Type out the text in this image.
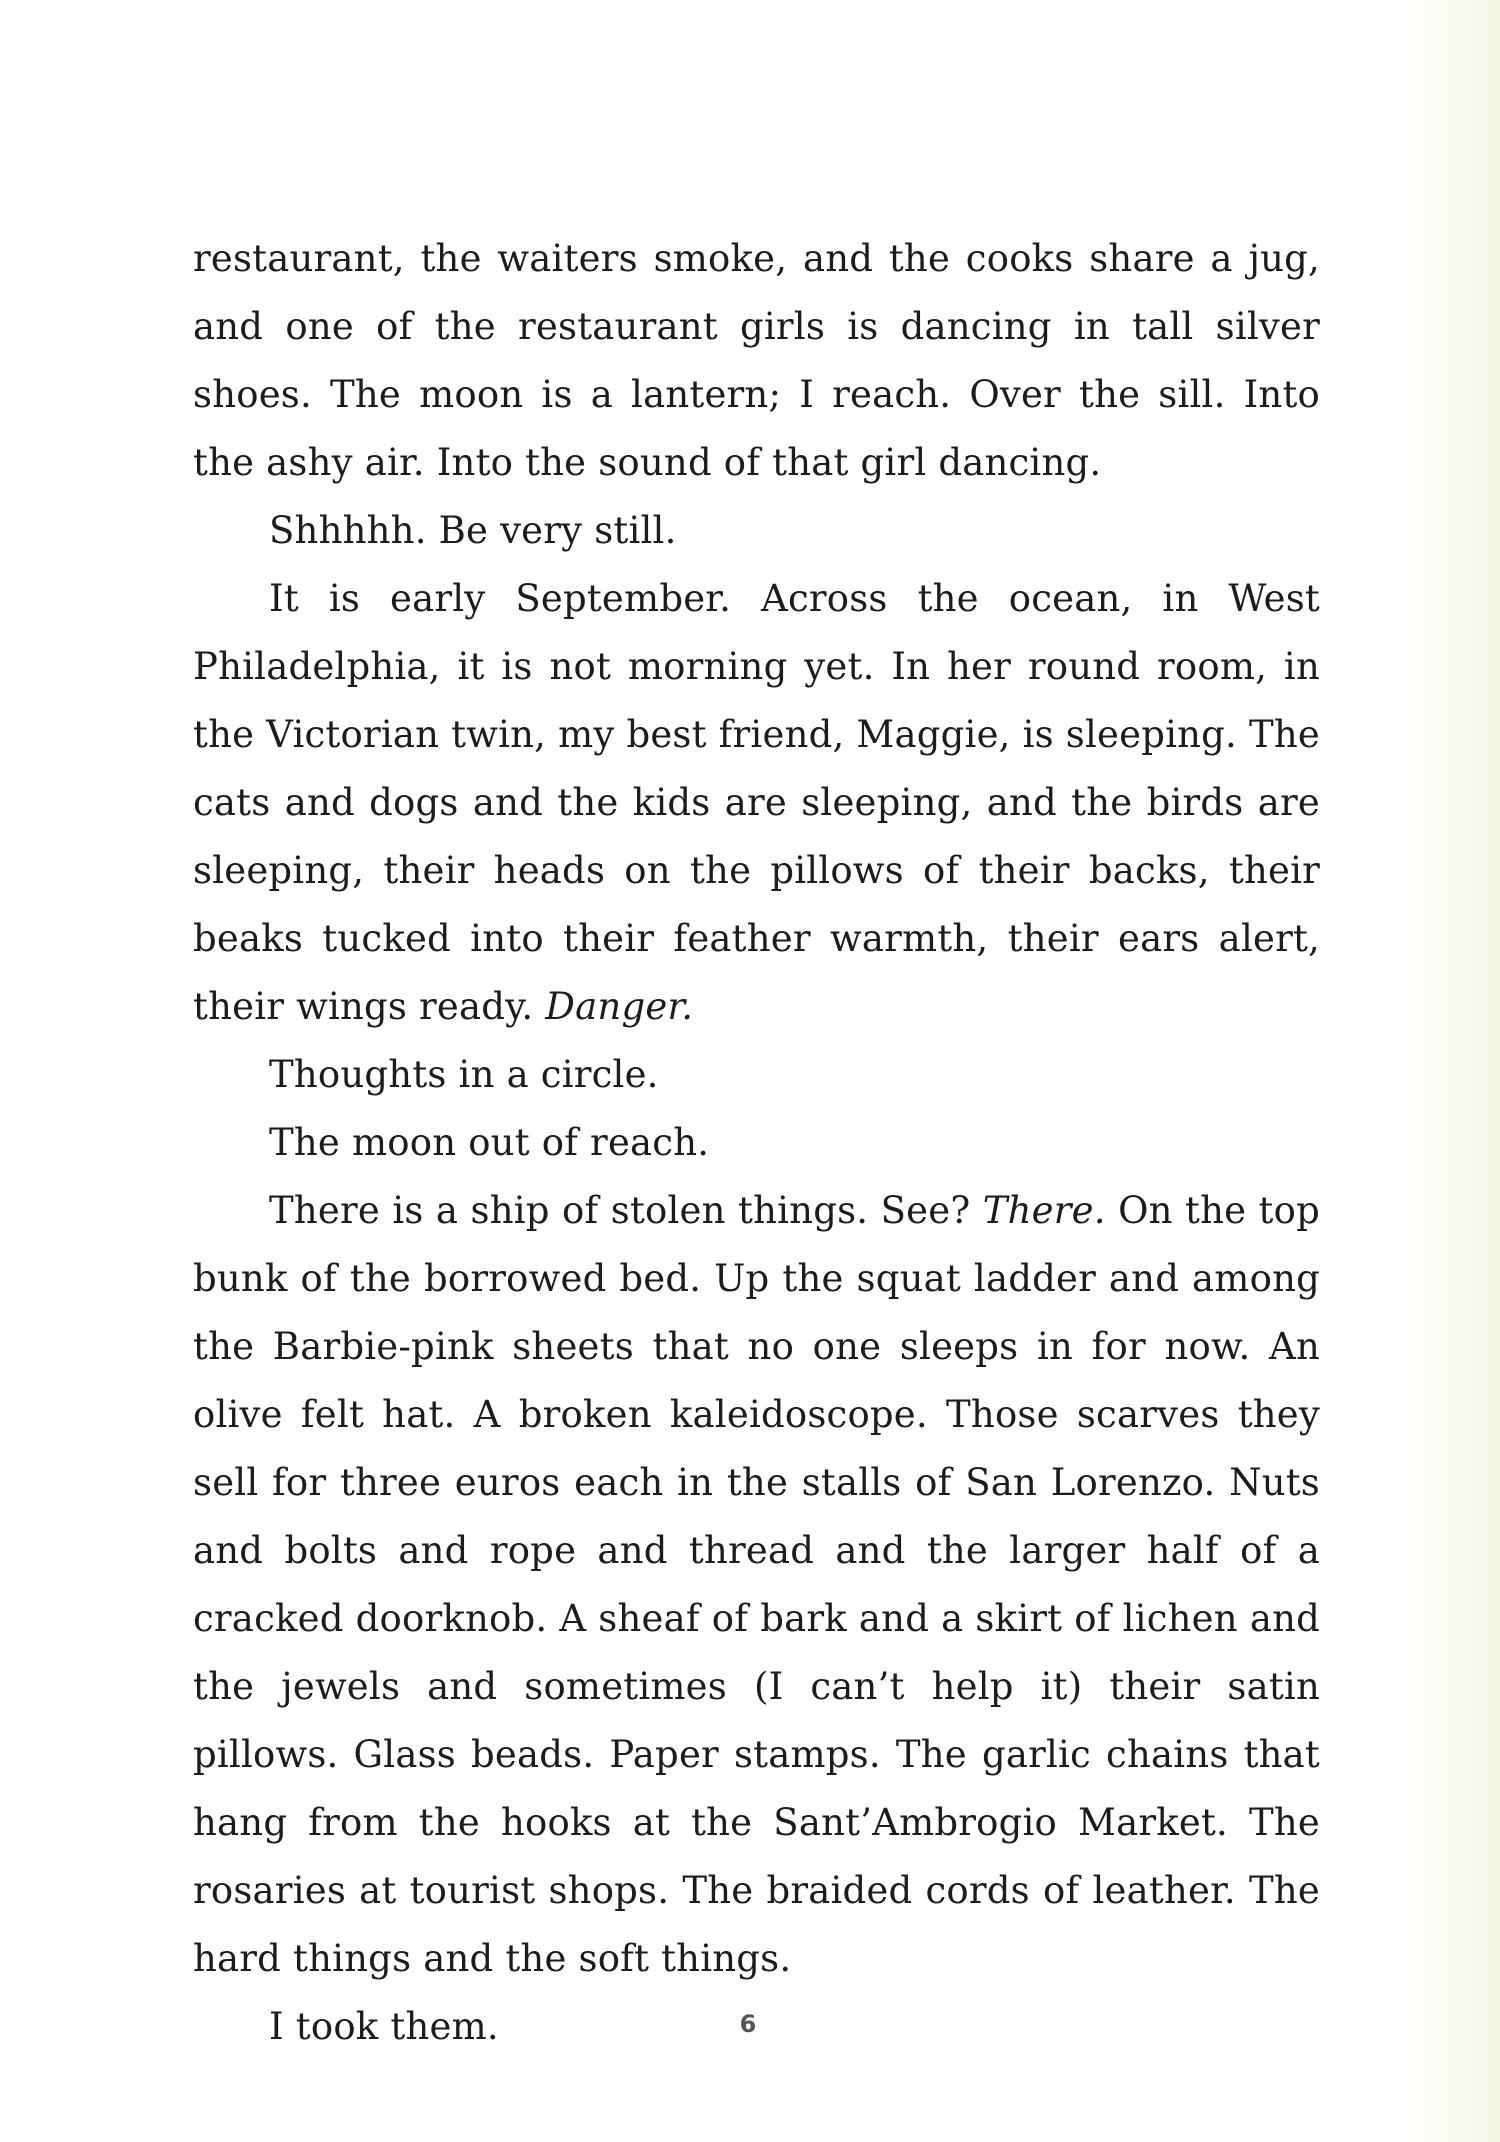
restaurant, the waiters smoke, and the cooks share a jug, and one of the restaurant girls is dancing in tall silver shoes. The moon is a lantern; I reach. Over the sill. Into the ashy air. Into the sound of that girl dancing.

Shhhhh. Be very still.

It is early September. Across the ocean, in West Philadelphia, it is not morning yet. In her round room, in the Victorian twin, my best friend, Maggie, is sleeping. The cats and dogs and the kids are sleeping, and the birds are sleeping, their heads on the pillows of their backs, their beaks tucked into their feather warmth, their ears alert, their wings ready. Danger.

Thoughts in a circle.

The moon out of reach.

There is a ship of stolen things. See? There. On the top bunk of the borrowed bed. Up the squat ladder and among the Barbie-pink sheets that no one sleeps in for now. An olive felt hat. A broken kaleidoscope. Those scarves they sell for three euros each in the stalls of San Lorenzo. Nuts and bolts and rope and thread and the larger half of a cracked doorknob. A sheaf of bark and a skirt of lichen and the jewels and sometimes (I can’t help it) their satin pillows. Glass beads. Paper stamps. The garlic chains that hang from the hooks at the Sant’Ambrogio Market. The rosaries at tourist shops. The braided cords of leather. The hard things and the soft things.

I took them.	6
